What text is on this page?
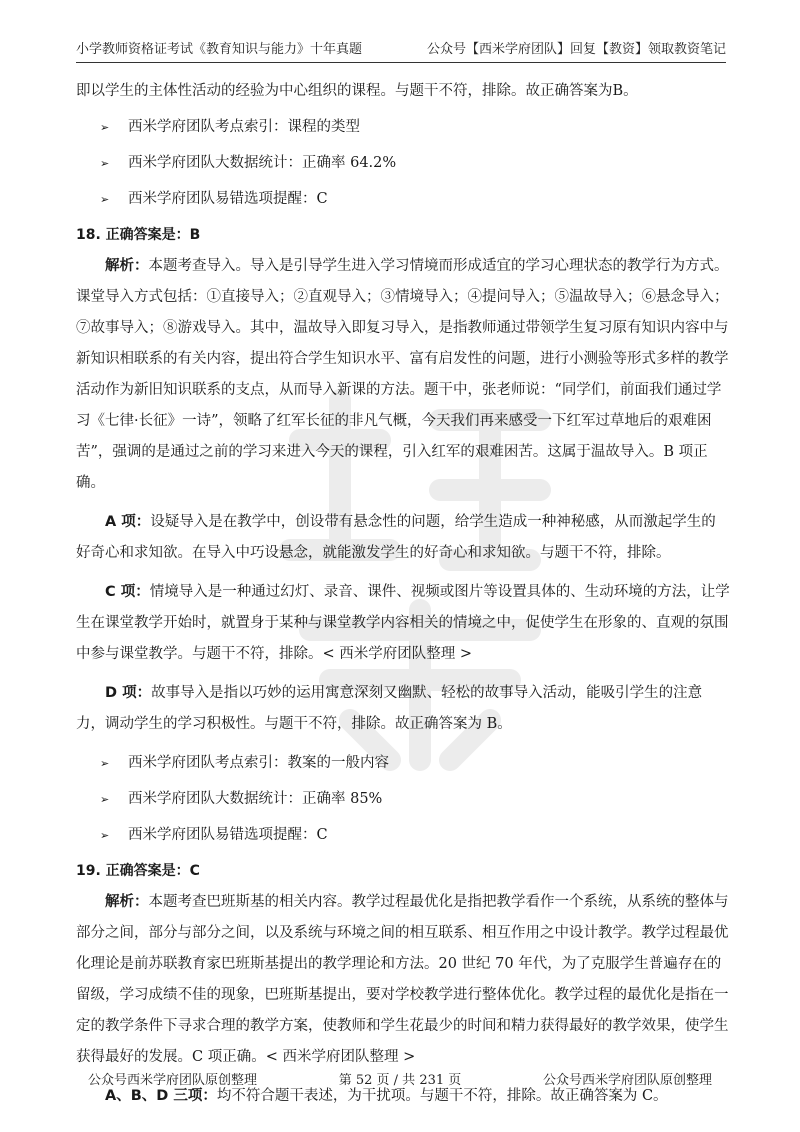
小学教师资格证考试《教育知识与能力》十年真题	公众号【西米学府团队】回复【教资】领取教资笔记

即以学生的主体性活动的经验为中心组织的课程。与题干不符，排除。故正确答案为B。

➢ 西米学府团队考点索引：课程的类型
➢ 西米学府团队大数据统计：正确率 64.2%
➢ 西米学府团队易错选项提醒：C

18. 正确答案是：B

解析：本题考查导入。导入是引导学生进入学习情境而形成适宜的学习心理状态的教学行为方式。课堂导入方式包括：①直接导入；②直观导入；③情境导入；④提问导入；⑤温故导入；⑥悬念导入；⑦故事导入；⑧游戏导入。其中，温故导入即复习导入，是指教师通过带领学生复习原有知识内容中与新知识相联系的有关内容，提出符合学生知识水平、富有启发性的问题，进行小测验等形式多样的教学活动作为新旧知识联系的支点，从而导入新课的方法。题干中，张老师说：“同学们，前面我们通过学习《七律·长征》一诗”，领略了红军长征的非凡气概，今天我们再来感受一下红军过草地后的艰难困苦”，强调的是通过之前的学习来进入今天的课程，引入红军的艰难困苦。这属于温故导入。B 项正确。

A 项：设疑导入是在教学中，创设带有悬念性的问题，给学生造成一种神秘感，从而激起学生的好奇心和求知欲。在导入中巧设悬念，就能激发学生的好奇心和求知欲。与题干不符，排除。

C 项：情境导入是一种通过幻灯、录音、课件、视频或图片等设置具体的、生动环境的方法，让学生在课堂教学开始时，就置身于某种与课堂教学内容相关的情境之中，促使学生在形象的、直观的氛围中参与课堂教学。与题干不符，排除。< 西米学府团队整理 >

D 项：故事导入是指以巧妙的运用寓意深刻又幽默、轻松的故事导入活动，能吸引学生的注意力，调动学生的学习积极性。与题干不符，排除。故正确答案为 B。

➢ 西米学府团队考点索引：教案的一般内容
➢ 西米学府团队大数据统计：正确率 85%
➢ 西米学府团队易错选项提醒：C

19. 正确答案是：C

解析：本题考查巴班斯基的相关内容。教学过程最优化是指把教学看作一个系统，从系统的整体与部分之间，部分与部分之间，以及系统与环境之间的相互联系、相互作用之中设计教学。教学过程最优化理论是前苏联教育家巴班斯基提出的教学理论和方法。20 世纪 70 年代，为了克服学生普遍存在的留级，学习成绩不佳的现象，巴班斯基提出，要对学校教学进行整体优化。教学过程的最优化是指在一定的教学条件下寻求合理的教学方案，使教师和学生花最少的时间和精力获得最好的教学效果，使学生获得最好的发展。C 项正确。< 西米学府团队整理 >

A、B、D 三项：均不符合题干表述，为干扰项。与题干不符，排除。故正确答案为 C。

公众号西米学府团队原创整理	第 52 页 / 共 231 页	公众号西米学府团队原创整理
